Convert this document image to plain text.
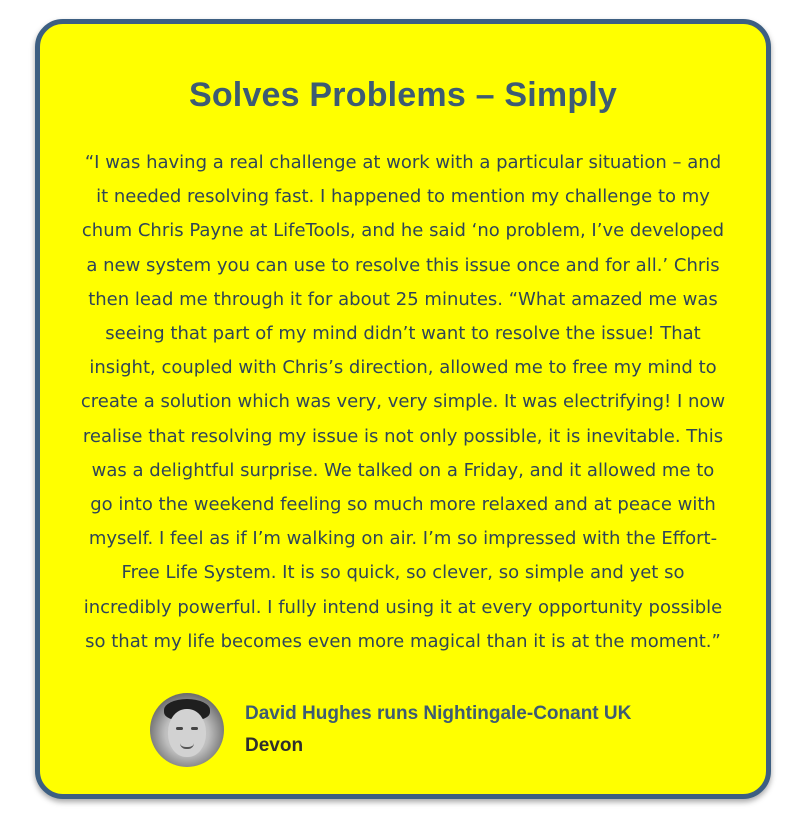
Solves Problems – Simply

“I was having a real challenge at work with a particular situation – and it needed resolving fast. I happened to mention my challenge to my chum Chris Payne at LifeTools, and he said ‘no problem, I’ve developed a new system you can use to resolve this issue once and for all.’ Chris then lead me through it for about 25 minutes. “What amazed me was seeing that part of my mind didn’t want to resolve the issue! That insight, coupled with Chris’s direction, allowed me to free my mind to create a solution which was very, very simple. It was electrifying! I now realise that resolving my issue is not only possible, it is inevitable. This was a delightful surprise. We talked on a Friday, and it allowed me to go into the weekend feeling so much more relaxed and at peace with myself. I feel as if I’m walking on air. I’m so impressed with the Effort-Free Life System. It is so quick, so clever, so simple and yet so incredibly powerful. I fully intend using it at every opportunity possible so that my life becomes even more magical than it is at the moment.”

David Hughes runs Nightingale-Conant UK
Devon
